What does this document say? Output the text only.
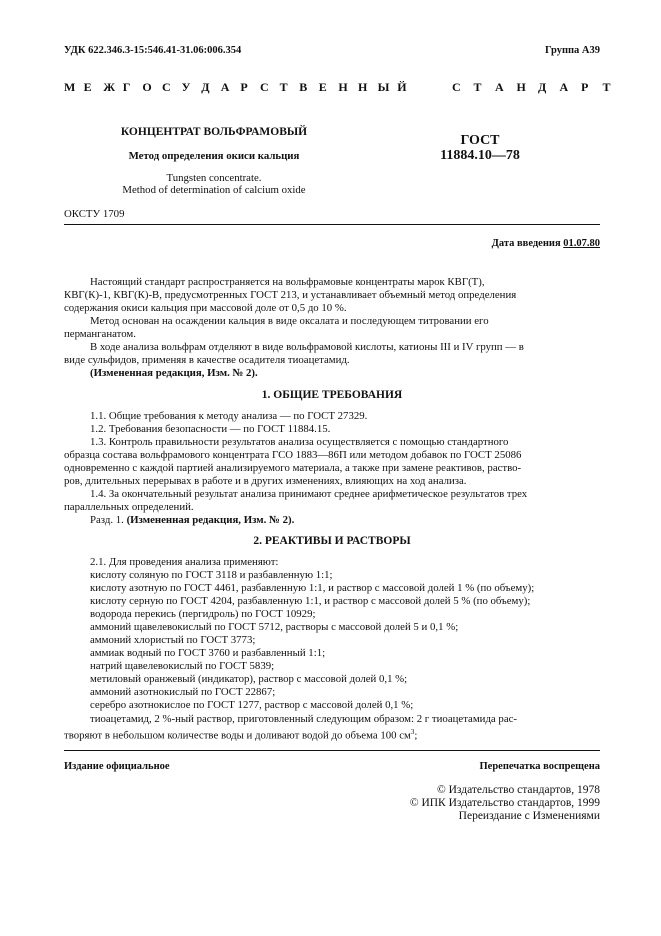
УДК 622.346.3-15:546.41-31.06:006.354	Группа А39
М Е Ж Г О С У Д А Р С Т В Е Н Н Ы Й	С Т А Н Д А Р Т
КОНЦЕНТРАТ ВОЛЬФРАМОВЫЙ
Метод определения окиси кальция
Tungsten concentrate.
Method of determination of calcium oxide
ГОСТ
11884.10—78
ОКСТУ 1709
Дата введения 01.07.80
Настоящий стандарт распространяется на вольфрамовые концентраты марок КВГ(Т),
КВГ(К)-1, КВГ(К)-В, предусмотренных ГОСТ 213, и устанавливает объемный метод определения
содержания окиси кальция при массовой доле от 0,5 до 10 %.
Метод основан на осаждении кальция в виде оксалата и последующем титровании его
перманганатом.
В ходе анализа вольфрам отделяют в виде вольфрамовой кислоты, катионы III и IV групп — в
виде сульфидов, применяя в качестве осадителя тиоацетамид.
(Измененная редакция, Изм. № 2).
1. ОБЩИЕ ТРЕБОВАНИЯ
1.1. Общие требования к методу анализа — по ГОСТ 27329.
1.2. Требования безопасности — по ГОСТ 11884.15.
1.3. Контроль правильности результатов анализа осуществляется с помощью стандартного
образца состава вольфрамового концентрата ГСО 1883—86П или методом добавок по ГОСТ 25086
одновременно с каждой партией анализируемого материала, а также при замене реактивов, раство-
ров, длительных перерывах в работе и в других изменениях, влияющих на ход анализа.
1.4. За окончательный результат анализа принимают среднее арифметическое результатов трех
параллельных определений.
Разд. 1. (Измененная редакция, Изм. № 2).
2. РЕАКТИВЫ И РАСТВОРЫ
2.1. Для проведения анализа применяют:
кислоту соляную по ГОСТ 3118 и разбавленную 1:1;
кислоту азотную по ГОСТ 4461, разбавленную 1:1, и раствор с массовой долей 1 % (по объему);
кислоту серную по ГОСТ 4204, разбавленную 1:1, и раствор с массовой долей 5 % (по объему);
водорода перекись (пергидроль) по ГОСТ 10929;
аммоний щавелевокислый по ГОСТ 5712, растворы с массовой долей 5 и 0,1 %;
аммоний хлористый по ГОСТ 3773;
аммиак водный по ГОСТ 3760 и разбавленный 1:1;
натрий щавелевокислый по ГОСТ 5839;
метиловый оранжевый (индикатор), раствор с массовой долей 0,1 %;
аммоний азотнокислый по ГОСТ 22867;
серебро азотнокислое по ГОСТ 1277, раствор с массовой долей 0,1 %;
тиоацетамид, 2 %-ный раствор, приготовленный следующим образом: 2 г тиоацетамида рас-
творяют в небольшом количестве воды и доливают водой до объема 100 $см^3$;
Издание официальное	Перепечатка воспрещена
© Издательство стандартов, 1978
© ИПК Издательство стандартов, 1999
Переиздание с Изменениями
